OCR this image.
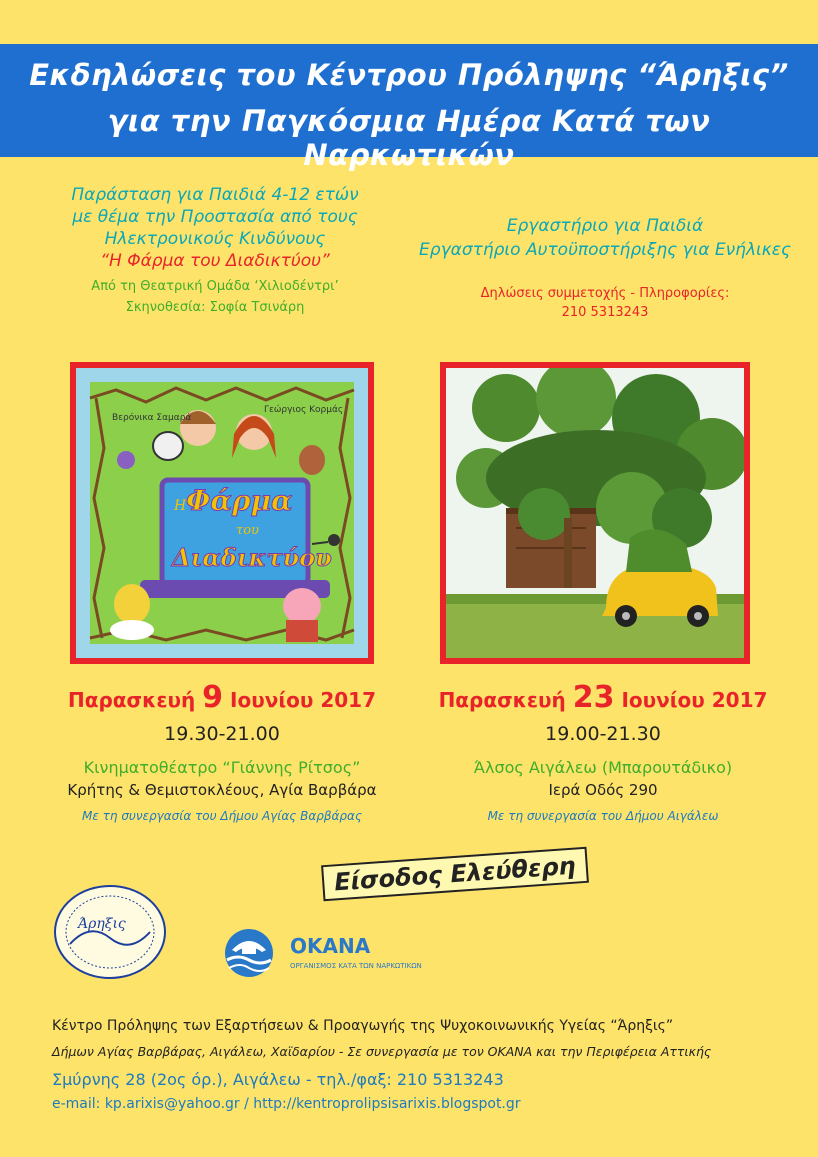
Εκδηλώσεις του Κέντρου Πρόληψης “Άρηξις”
για την Παγκόσμια Ημέρα Κατά των Ναρκωτικών
Παράσταση για Παιδιά 4-12 ετών
με θέμα την Προστασία από τους
Ηλεκτρονικούς Κινδύνους
“Η Φάρμα του Διαδικτύου”
Από τη Θεατρική Ομάδα ‘Χιλιοδέντρι’
Σκηνοθεσία: Σοφία Τσινάρη
Εργαστήριο για Παιδιά
Εργαστήριο Αυτοϋποστήριξης για Ενήλικες
Δηλώσεις συμμετοχής - Πληροφορίες:
210 5313243
Βερόνικα Σαμαρά
Γεώργιος Κορμάς
Η Φάρμα
του
Διαδικτύου
Παρασκευή 9 Ιουνίου 2017
19.30-21.00
Κινηματοθέατρο “Γιάννης Ρίτσος”
Κρήτης & Θεμιστοκλέους, Αγία Βαρβάρα
Με τη συνεργασία του Δήμου Αγίας Βαρβάρας
Παρασκευή 23 Ιουνίου 2017
19.00-21.30
Άλσος Αιγάλεω (Μπαρουτάδικο)
Ιερά Οδός 290
Με τη συνεργασία του Δήμου Αιγάλεω
Είσοδος Ελεύθερη
Άρηξις
ΟΚΑΝΑ
ΟΡΓΑΝΙΣΜΟΣ ΚΑΤΑ ΤΩΝ ΝΑΡΚΩΤΙΚΩΝ
Κέντρο Πρόληψης των Εξαρτήσεων & Προαγωγής της Ψυχοκοινωνικής Υγείας “Άρηξις”
Δήμων Αγίας Βαρβάρας, Αιγάλεω, Χαϊδαρίου - Σε συνεργασία με τον ΟΚΑΝΑ και την Περιφέρεια Αττικής
Σμύρνης 28 (2ος όρ.), Αιγάλεω - τηλ./φαξ: 210 5313243
e-mail: kp.arixis@yahoo.gr / http://kentroprolipsisarixis.blogspot.gr
